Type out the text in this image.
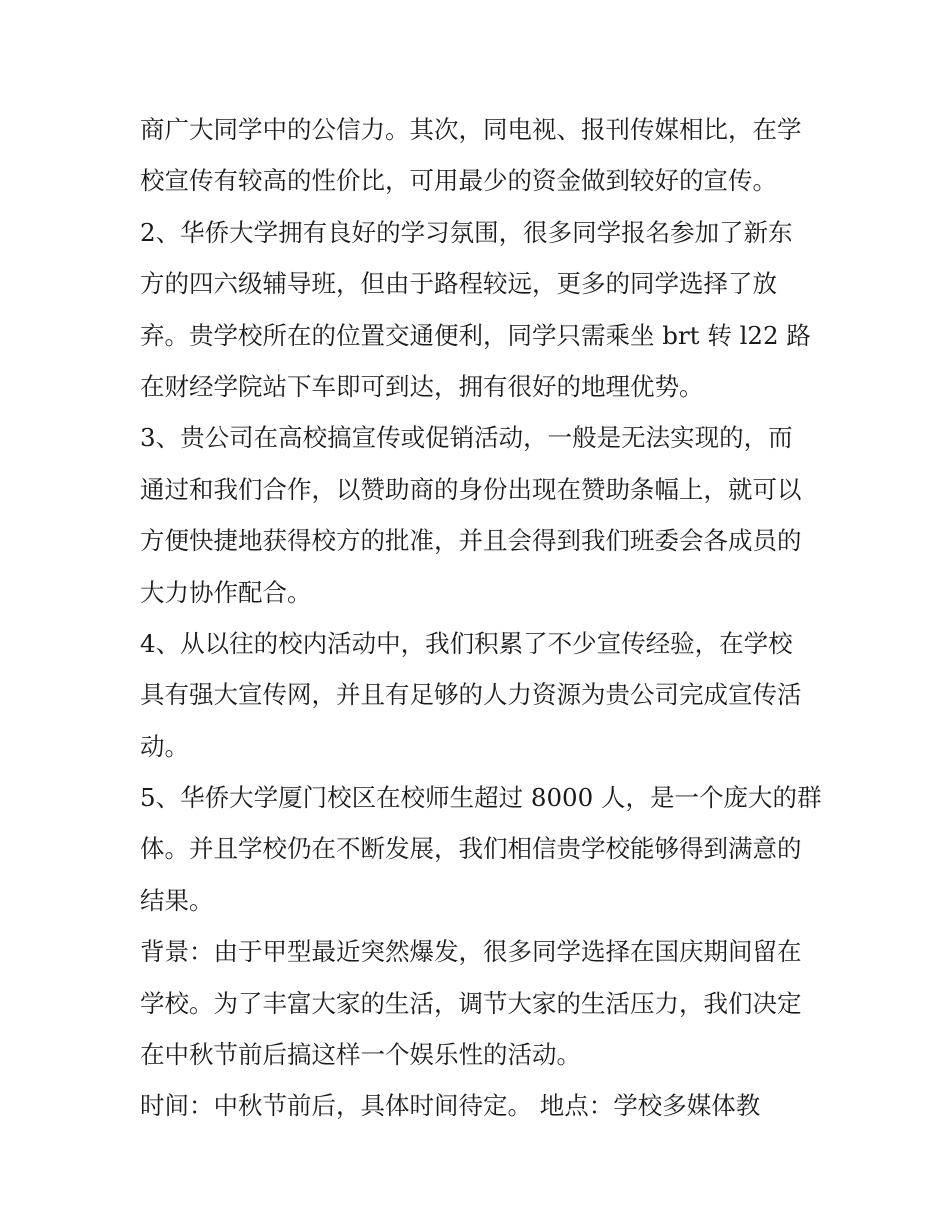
商广大同学中的公信力。其次，同电视、报刊传媒相比，在学
校宣传有较高的性价比，可用最少的资金做到较好的宣传。
2、华侨大学拥有良好的学习氛围，很多同学报名参加了新东
方的四六级辅导班，但由于路程较远，更多的同学选择了放
弃。贵学校所在的位置交通便利，同学只需乘坐 brt 转 l22 路
在财经学院站下车即可到达，拥有很好的地理优势。
3、贵公司在高校搞宣传或促销活动，一般是无法实现的，而
通过和我们合作，以赞助商的身份出现在赞助条幅上，就可以
方便快捷地获得校方的批准，并且会得到我们班委会各成员的
大力协作配合。
4、从以往的校内活动中，我们积累了不少宣传经验，在学校
具有强大宣传网，并且有足够的人力资源为贵公司完成宣传活
动。
5、华侨大学厦门校区在校师生超过 8000 人，是一个庞大的群
体。并且学校仍在不断发展，我们相信贵学校能够得到满意的
结果。
背景：由于甲型最近突然爆发，很多同学选择在国庆期间留在
学校。为了丰富大家的生活，调节大家的生活压力，我们决定
在中秋节前后搞这样一个娱乐性的活动。
时间：中秋节前后，具体时间待定。 地点：学校多媒体教
